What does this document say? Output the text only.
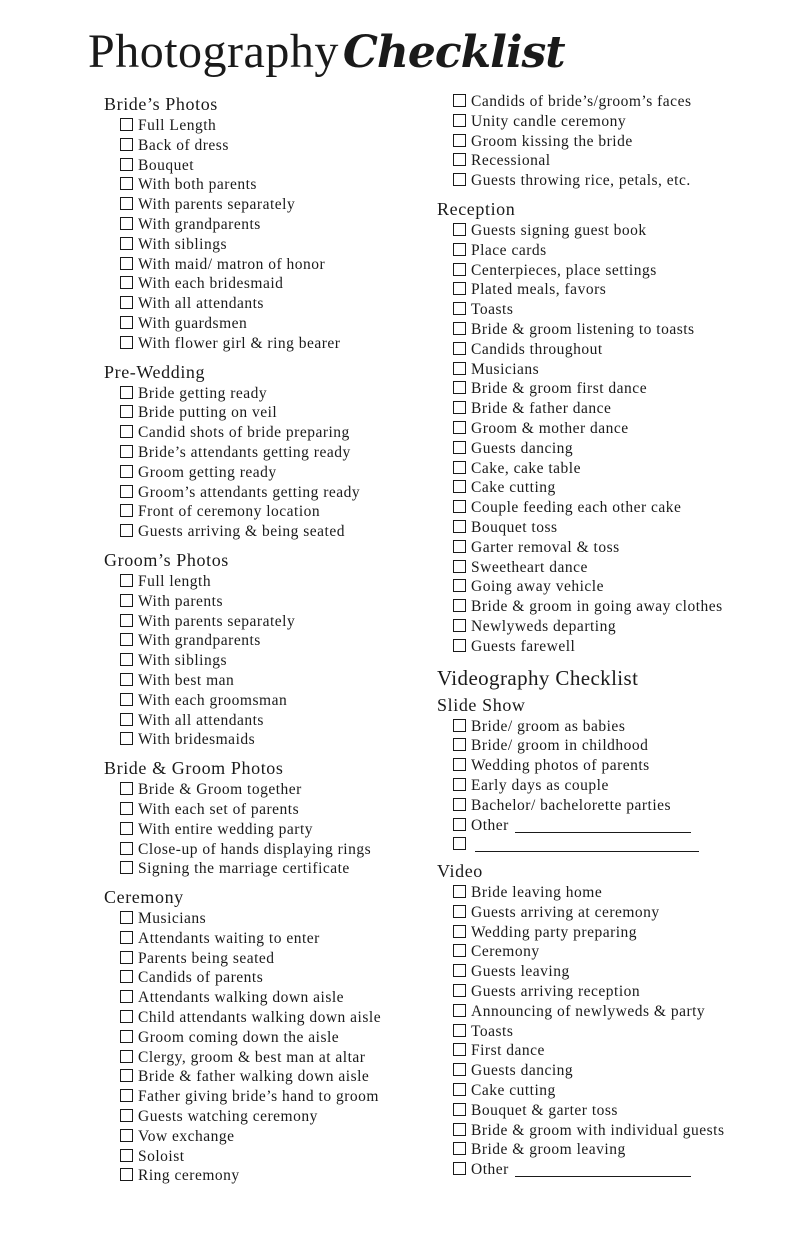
PhotographyChecklist
Bride’s Photos
Full Length
Back of dress
Bouquet
With both parents
With parents separately
With grandparents
With siblings
With maid/ matron of honor
With each bridesmaid
With all attendants
With guardsmen
With flower girl & ring bearer
Pre-Wedding
Bride getting ready
Bride putting on veil
Candid shots of bride preparing
Bride’s attendants getting ready
Groom getting ready
Groom’s attendants getting ready
Front of ceremony location
Guests arriving & being seated
Groom’s Photos
Full length
With parents
With parents separately
With grandparents
With siblings
With best man
With each groomsman
With all attendants
With bridesmaids
Bride & Groom Photos
Bride & Groom together
With each set of parents
With entire wedding party
Close-up of hands displaying rings
Signing the marriage certificate
Ceremony
Musicians
Attendants waiting to enter
Parents being seated
Candids of parents
Attendants walking down aisle
Child attendants walking down aisle
Groom coming down the aisle
Clergy, groom & best man at altar
Bride & father walking down aisle
Father giving bride’s hand to groom
Guests watching ceremony
Vow exchange
Soloist
Ring ceremony
Candids of bride’s/groom’s faces
Unity candle ceremony
Groom kissing the bride
Recessional
Guests throwing rice, petals, etc.
Reception
Guests signing guest book
Place cards
Centerpieces, place settings
Plated meals, favors
Toasts
Bride & groom listening to toasts
Candids throughout
Musicians
Bride & groom first dance
Bride & father dance
Groom & mother dance
Guests dancing
Cake, cake table
Cake cutting
Couple feeding each other cake
Bouquet toss
Garter removal & toss
Sweetheart dance
Going away vehicle
Bride & groom in going away clothes
Newlyweds departing
Guests farewell
Videography Checklist
Slide Show
Bride/ groom as babies
Bride/ groom in childhood
Wedding photos of parents
Early days as couple
Bachelor/ bachelorette parties
Other
Video
Bride leaving home
Guests arriving at ceremony
Wedding party preparing
Ceremony
Guests leaving
Guests arriving reception
Announcing of newlyweds & party
Toasts
First dance
Guests dancing
Cake cutting
Bouquet & garter toss
Bride & groom with individual guests
Bride & groom leaving
Other
